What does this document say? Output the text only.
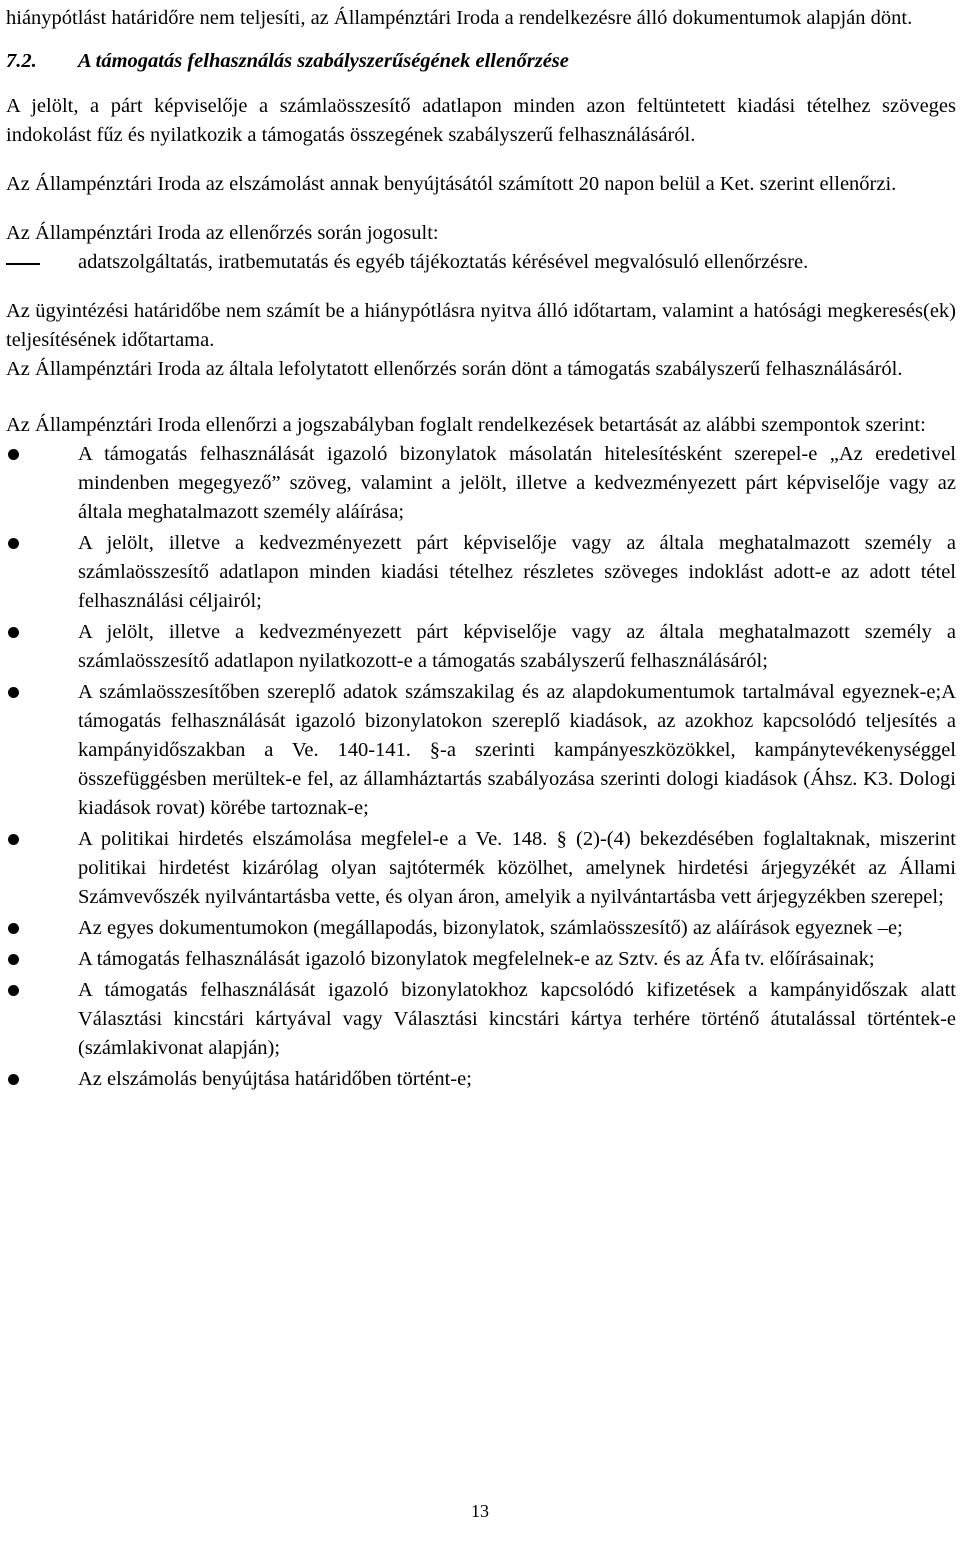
hiánypótlást határidőre nem teljesíti, az Állampénztári Iroda a rendelkezésre álló dokumentumok alapján dönt.

7.2. A támogatás felhasználás szabályszerűségének ellenőrzése

A jelölt, a párt képviselője a számlaösszesítő adatlapon minden azon feltüntetett kiadási tételhez szöveges indokolást fűz és nyilatkozik a támogatás összegének szabályszerű felhasználásáról.

Az Állampénztári Iroda az elszámolást annak benyújtásától számított 20 napon belül a Ket. szerint ellenőrzi.

Az Állampénztári Iroda az ellenőrzés során jogosult:

adatszolgáltatás, iratbemutatás és egyéb tájékoztatás kérésével megvalósuló ellenőrzésre.

Az ügyintézési határidőbe nem számít be a hiánypótlásra nyitva álló időtartam, valamint a hatósági megkeresés(ek) teljesítésének időtartama.

Az Állampénztári Iroda az általa lefolytatott ellenőrzés során dönt a támogatás szabályszerű felhasználásáról.

Az Állampénztári Iroda ellenőrzi a jogszabályban foglalt rendelkezések betartását az alábbi szempontok szerint:

A támogatás felhasználását igazoló bizonylatok másolatán hitelesítésként szerepel-e „Az eredetivel mindenben megegyező” szöveg, valamint a jelölt, illetve a kedvezményezett párt képviselője vagy az általa meghatalmazott személy aláírása;
A jelölt, illetve a kedvezményezett párt képviselője vagy az általa meghatalmazott személy a számlaösszesítő adatlapon minden kiadási tételhez részletes szöveges indoklást adott-e az adott tétel felhasználási céljairól;
A jelölt, illetve a kedvezményezett párt képviselője vagy az általa meghatalmazott személy a számlaösszesítő adatlapon nyilatkozott-e a támogatás szabályszerű felhasználásáról;
A számlaösszesítőben szereplő adatok számszakilag és az alapdokumentumok tartalmával egyeznek-e;A támogatás felhasználását igazoló bizonylatokon szereplő kiadások, az azokhoz kapcsolódó teljesítés a kampányidőszakban a Ve. 140-141. §-a szerinti kampányeszközökkel, kampánytevékenységgel összefüggésben merültek-e fel, az államháztartás szabályozása szerinti dologi kiadások (Áhsz. K3. Dologi kiadások rovat) körébe tartoznak-e;
A politikai hirdetés elszámolása megfelel-e a Ve. 148. § (2)-(4) bekezdésében foglaltaknak, miszerint politikai hirdetést kizárólag olyan sajtótermék közölhet, amelynek hirdetési árjegyzékét az Állami Számvevőszék nyilvántartásba vette, és olyan áron, amelyik a nyilvántartásba vett árjegyzékben szerepel;
Az egyes dokumentumokon (megállapodás, bizonylatok, számlaösszesítő) az aláírások egyeznek –e;
A támogatás felhasználását igazoló bizonylatok megfelelnek-e az Sztv. és az Áfa tv. előírásainak;
A támogatás felhasználását igazoló bizonylatokhoz kapcsolódó kifizetések a kampányidőszak alatt Választási kincstári kártyával vagy Választási kincstári kártya terhére történő átutalással történtek-e (számlakivonat alapján);
Az elszámolás benyújtása határidőben történt-e;
13
